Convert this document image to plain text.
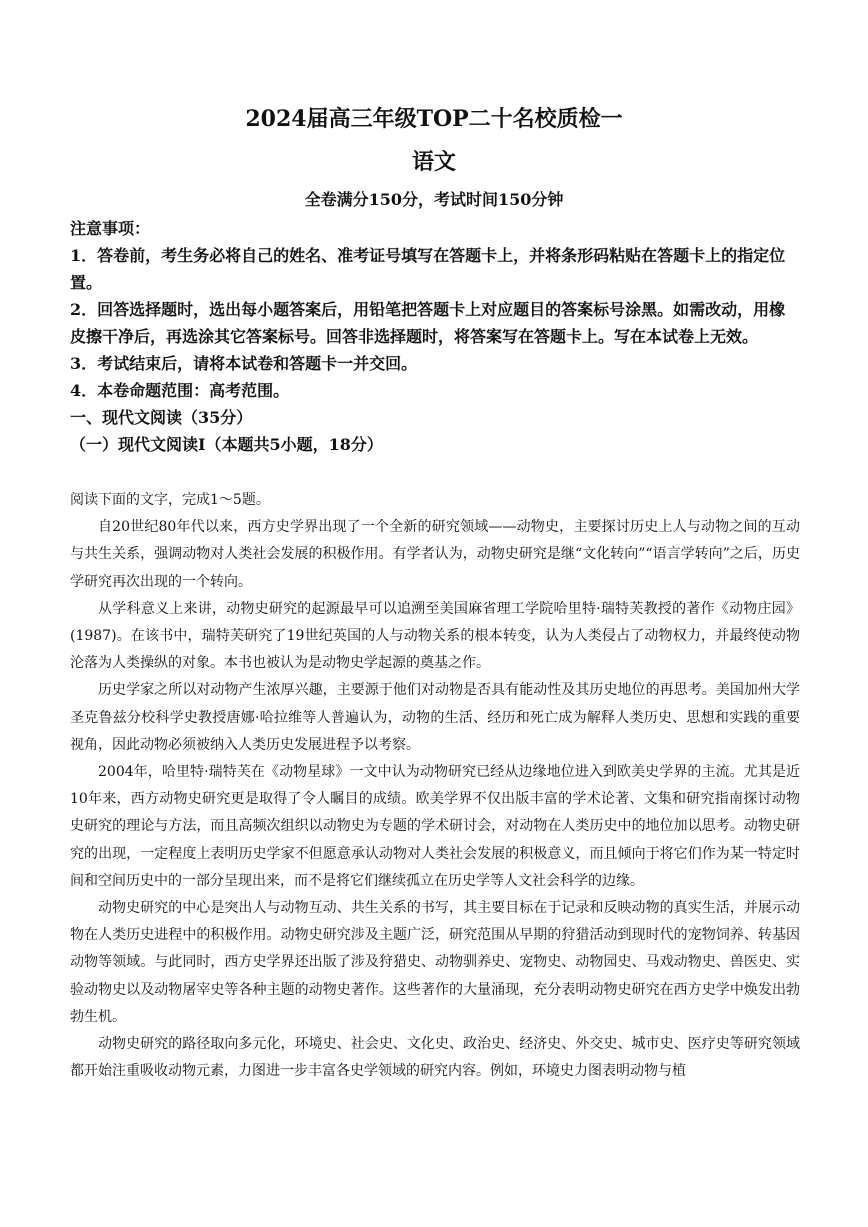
2024届高三年级TOP二十名校质检一
语文
全卷满分150分，考试时间150分钟

注意事项：

1．答卷前，考生务必将自己的姓名、准考证号填写在答题卡上，并将条形码粘贴在答题卡上的指定位置。

2．回答选择题时，选出每小题答案后，用铅笔把答题卡上对应题目的答案标号涂黑。如需改动，用橡皮擦干净后，再选涂其它答案标号。回答非选择题时，将答案写在答题卡上。写在本试卷上无效。

3．考试结束后，请将本试卷和答题卡一并交回。

4．本卷命题范围：高考范围。

一、现代文阅读（35分）

（一）现代文阅读Ⅰ（本题共5小题，18分）

阅读下面的文字，完成1～5题。

自20世纪80年代以来，西方史学界出现了一个全新的研究领域——动物史，主要探讨历史上人与动物之间的互动与共生关系，强调动物对人类社会发展的积极作用。有学者认为，动物史研究是继“文化转向”“语言学转向”之后，历史学研究再次出现的一个转向。

从学科意义上来讲，动物史研究的起源最早可以追溯至美国麻省理工学院哈里特·瑞特芙教授的著作《动物庄园》(1987)。在该书中，瑞特芙研究了19世纪英国的人与动物关系的根本转变，认为人类侵占了动物权力，并最终使动物沦落为人类操纵的对象。本书也被认为是动物史学起源的奠基之作。

历史学家之所以对动物产生浓厚兴趣，主要源于他们对动物是否具有能动性及其历史地位的再思考。美国加州大学圣克鲁兹分校科学史教授唐娜·哈拉维等人普遍认为，动物的生活、经历和死亡成为解释人类历史、思想和实践的重要视角，因此动物必须被纳入人类历史发展进程予以考察。

2004年，哈里特·瑞特芙在《动物星球》一文中认为动物研究已经从边缘地位进入到欧美史学界的主流。尤其是近10年来，西方动物史研究更是取得了令人瞩目的成绩。欧美学界不仅出版丰富的学术论著、文集和研究指南探讨动物史研究的理论与方法，而且高频次组织以动物史为专题的学术研讨会，对动物在人类历史中的地位加以思考。动物史研究的出现，一定程度上表明历史学家不但愿意承认动物对人类社会发展的积极意义，而且倾向于将它们作为某一特定时间和空间历史中的一部分呈现出来，而不是将它们继续孤立在历史学等人文社会科学的边缘。

动物史研究的中心是突出人与动物互动、共生关系的书写，其主要目标在于记录和反映动物的真实生活，并展示动物在人类历史进程中的积极作用。动物史研究涉及主题广泛，研究范围从早期的狩猎活动到现时代的宠物饲养、转基因动物等领域。与此同时，西方史学界还出版了涉及狩猎史、动物驯养史、宠物史、动物园史、马戏动物史、兽医史、实验动物史以及动物屠宰史等各种主题的动物史著作。这些著作的大量涌现，充分表明动物史研究在西方史学中焕发出勃勃生机。

动物史研究的路径取向多元化，环境史、社会史、文化史、政治史、经济史、外交史、城市史、医疗史等研究领域都开始注重吸收动物元素，力图进一步丰富各史学领域的研究内容。例如，环境史力图表明动物与植
